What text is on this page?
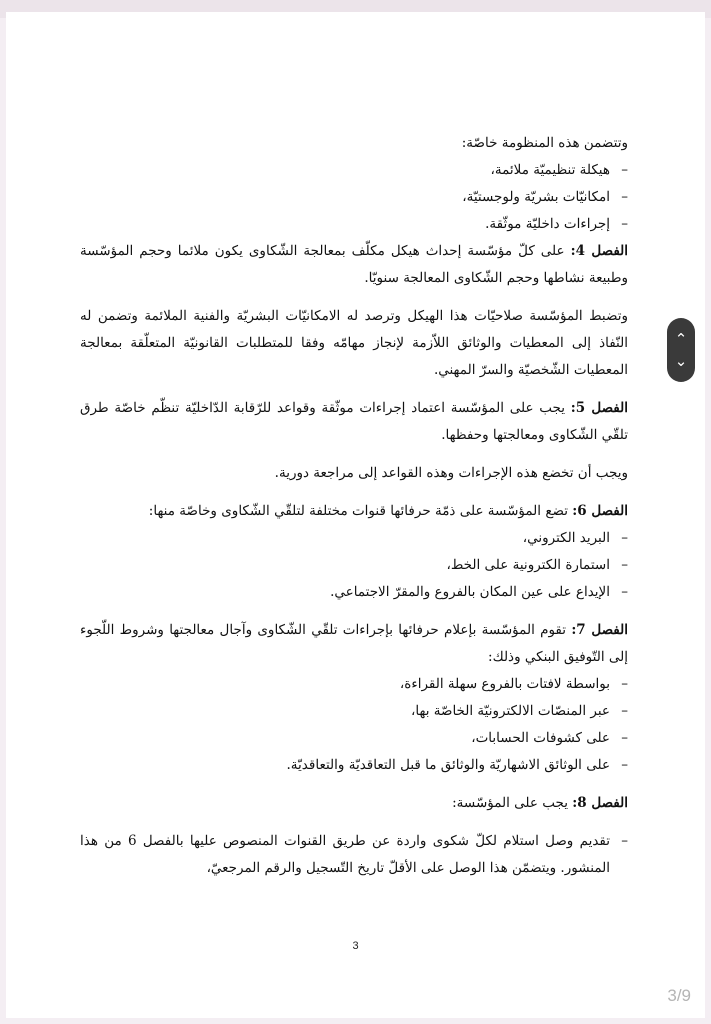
وتتضمن هذه المنظومة خاصّة:

– هيكلة تنظيميّة ملائمة،
– امكانيّات بشريّة ولوجستيّة،
– إجراءات داخليّة موثّقة.

الفصل 4: على كلّ مؤسّسة إحداث هيكل مكلّف بمعالجة الشّكاوى يكون ملائما وحجم المؤسّسة وطبيعة نشاطها وحجم الشّكاوى المعالجة سنويّا.

وتضبط المؤسّسة صلاحيّات هذا الهيكل وترصد له الامكانيّات البشريّة والفنية الملائمة وتضمن له النّفاذ إلى المعطيات والوثائق اللاّزمة لإنجاز مهامّه وفقا للمتطلبات القانونيّة المتعلّقة بمعالجة المعطيات الشّخصيّة والسرّ المهني.

الفصل 5: يجب على المؤسّسة اعتماد إجراءات موثّقة وقواعد للرّقابة الدّاخليّة تنظّم خاصّة طرق تلقّي الشّكاوى ومعالجتها وحفظها.

ويجب أن تخضع هذه الإجراءات وهذه القواعد إلى مراجعة دورية.

الفصل 6: تضع المؤسّسة على ذمّة حرفائها قنوات مختلفة لتلقّي الشّكاوى وخاصّة منها:

– البريد الكتروني،
– استمارة الكترونية على الخط،
– الإيداع على عين المكان بالفروع والمقرّ الاجتماعي.

الفصل 7: تقوم المؤسّسة بإعلام حرفائها بإجراءات تلقّي الشّكاوى وآجال معالجتها وشروط اللّجوء إلى التّوفيق البنكي وذلك:

– بواسطة لافتات بالفروع سهلة القراءة،
– عبر المنصّات الالكترونيّة الخاصّة بها،
– على كشوفات الحسابات،
– على الوثائق الاشهاريّة والوثائق ما قبل التعاقديّة والتعاقديّة.

الفصل 8: يجب على المؤسّسة:

– تقديم وصل استلام لكلّ شكوى واردة عن طريق القنوات المنصوص عليها بالفصل 6 من هذا المنشور. ويتضمّن هذا الوصل على الأقلّ تاريخ التّسجيل والرقم المرجعيّ،
3
⌃
⌄
3/9
